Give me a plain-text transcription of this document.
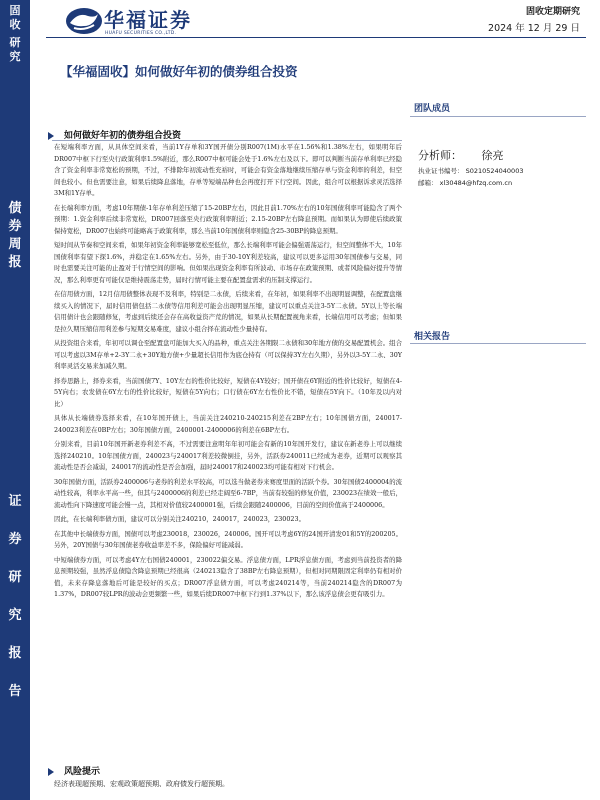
固
收
研
究
债
券
周
报
证
券
研
究
报
告
华福证券
HUAFU SECURITIES CO.,LTD.
固收定期研究
2024 年 12 月 29 日
【华福固收】如何做好年初的债券组合投资
团队成员
分析师： 徐亮
执业证书编号： S0210524040003
邮箱： xl30484@hfzq.com.cn
相关报告
如何做好年初的债券组合投资

在短端利率方面，从具体空间来看，当前1Y存单和3Y国开债分别R007(1M)水平在1.56%和1.38%左右，如果明年后DR007中枢下行至央行政策利率1.5%附近，那么R007中枢可能会处于1.6%左右及以下。即可以判断当前存单利率已经隐含了资金利率非常宽松的预期，不过，不排除年初流动性充裕时，可能会有资金落地继续压缩存单与资金利率的利差，但空间也较小。但也需要注意，如果后续降息落地，存单等短端品种也会再度打开下行空间。因此，组合可以根据诉求灵活选择3M和1Y存单。

在长端利率方面，考虑10年期债-1年存单利差压缩了15-20BP左右，因此目前1.70%左右的10年国债利率可能隐含了两个预期：1.资金利率后续非常宽松，DR007回落至央行政策利率附近；2.15-20BP左右降息预期。而如果认为即使后续政策保持宽松，DR007也始终可能略高于政策利率，那么当前10年国债利率则隐含25-30BP的降息预期。

短时间从节奏和空间来看，如果年初资金利率能够宽松至低位，那么长端利率可能会偏强震荡运行，但空间整体不大，10年国债利率有望下探1.6%，并稳定在1.65%左右。另外，由于30-10Y利差较高，建议可以更多运用30年国债参与交易，同时也需要关注可能的止盈对于行情空间的影响。但如果出现资金利率有所波动、市场存在政策预期、或者风险偏好提升等情况，那么利率更有可能仅是维持震荡走势，届时行情可能主要在配置盘需求的压制支撑运行。

在信用债方面，12月信用债整体表现不及利率，特别是二永债，后续来看，在年初，如果利率不出现明显调整，在配置盘继续买入的情况下，届时信用债包括二永债等信用利差可能会出现明显压缩，建议可以重点关注3-5Y二永债。5Y以上等长端信用债计也会跟随修复，考虑到后续还会存在高收益资产荒的情况，如果从长期配置视角来看，长端信用可以考虑；但如果是拉久期压缩信用利差参与短期交易难度，建议小组合择在流动性少量持有。

从投资组合来看，年初可以调仓至配置盘可能加大买入的品种，重点关注各期限二永债和30年地方债的交易配置机会。组合可以考虑以3M存单+2-3Y二永+30Y地方债+少量超长信用作为底仓持有（可以保持3Y左右久期），另外以3-5Y二永、30Y利率灵活交易来加减久期。

择券思路上，择券来看，当前国债7Y、10Y左右的性价比较好，短债在4Y较好；国开债在6Y附近的性价比较好，短债在4-5Y向右；农发债在6Y左右的性价比较好，短债在5Y向右；口行债在6Y左右性价比不错，短债在5Y向下。（10年及以内对比）

具体从长端债券选择来看，在10年国开债上，当前关注240210-240215利差在2BP左右；10年国债方面，240017-240023利差在0BP左右；30年国债方面，2400001-2400006的利差在6BP左右。

分别来看，目前10年国开新老券利差不高，不过需要注意明年年初可能会有新的10年国开发行，建议在新老券上可以继续选择240210。10年国债方面，240023与240017利差较微倒挂，另外，活跃券240011已经成为老券，近期可以观察其流动性是否会减弱，240017的流动性是否会加强，届时240017和240023均可能有相对下行机会。

30年国债方面，活跃券2400006与老券的利差水平较高，可以选当做老券来赛度里面的活跃个券。30年国债2400004的流动性较高，利率水平高一些，但其与2400006的利差已经走阔至6-7BP，当前有较强的修复价值，230023在绩效一般后，流动性向下降速度可能会慢一点，其相对价值较2400001强，后续会跟随2400006，目前的空间价值高于2400006。

因此，在长端利率债方面，建议可以分别关注240210，240017，240023，230023。

在其他中长端债券方面，国债可以考虑230018，230026，240006。国开可以考虑6Y的24国开清发01和5Y的200205。另外，20Y国债与30年国债老券收益率差不多，保险偏好可能减弱。

中短端债券方面，可以考虑4Y左右国债240001，230022偏交易。浮息债方面，LPR浮息债方面，考虑到当前投资者的降息预期较强，虽然浮息债隐含降息预期已经很高（240213隐含了38BP左右降息预期），但相对同期限固定利率仍有相对价值，未来存降息落地后可能是较好的买点；DR007浮息债方面，可以考虑240214等，当前240214隐含的DR007为1.37%，DR007较LPR的波动会更频繁一些，如果后续DR007中枢下行到1.37%以下，那么该浮息债会更有吸引力。

风险提示
经济表现超预期、宏观政策超预期、政府债发行超预期。
